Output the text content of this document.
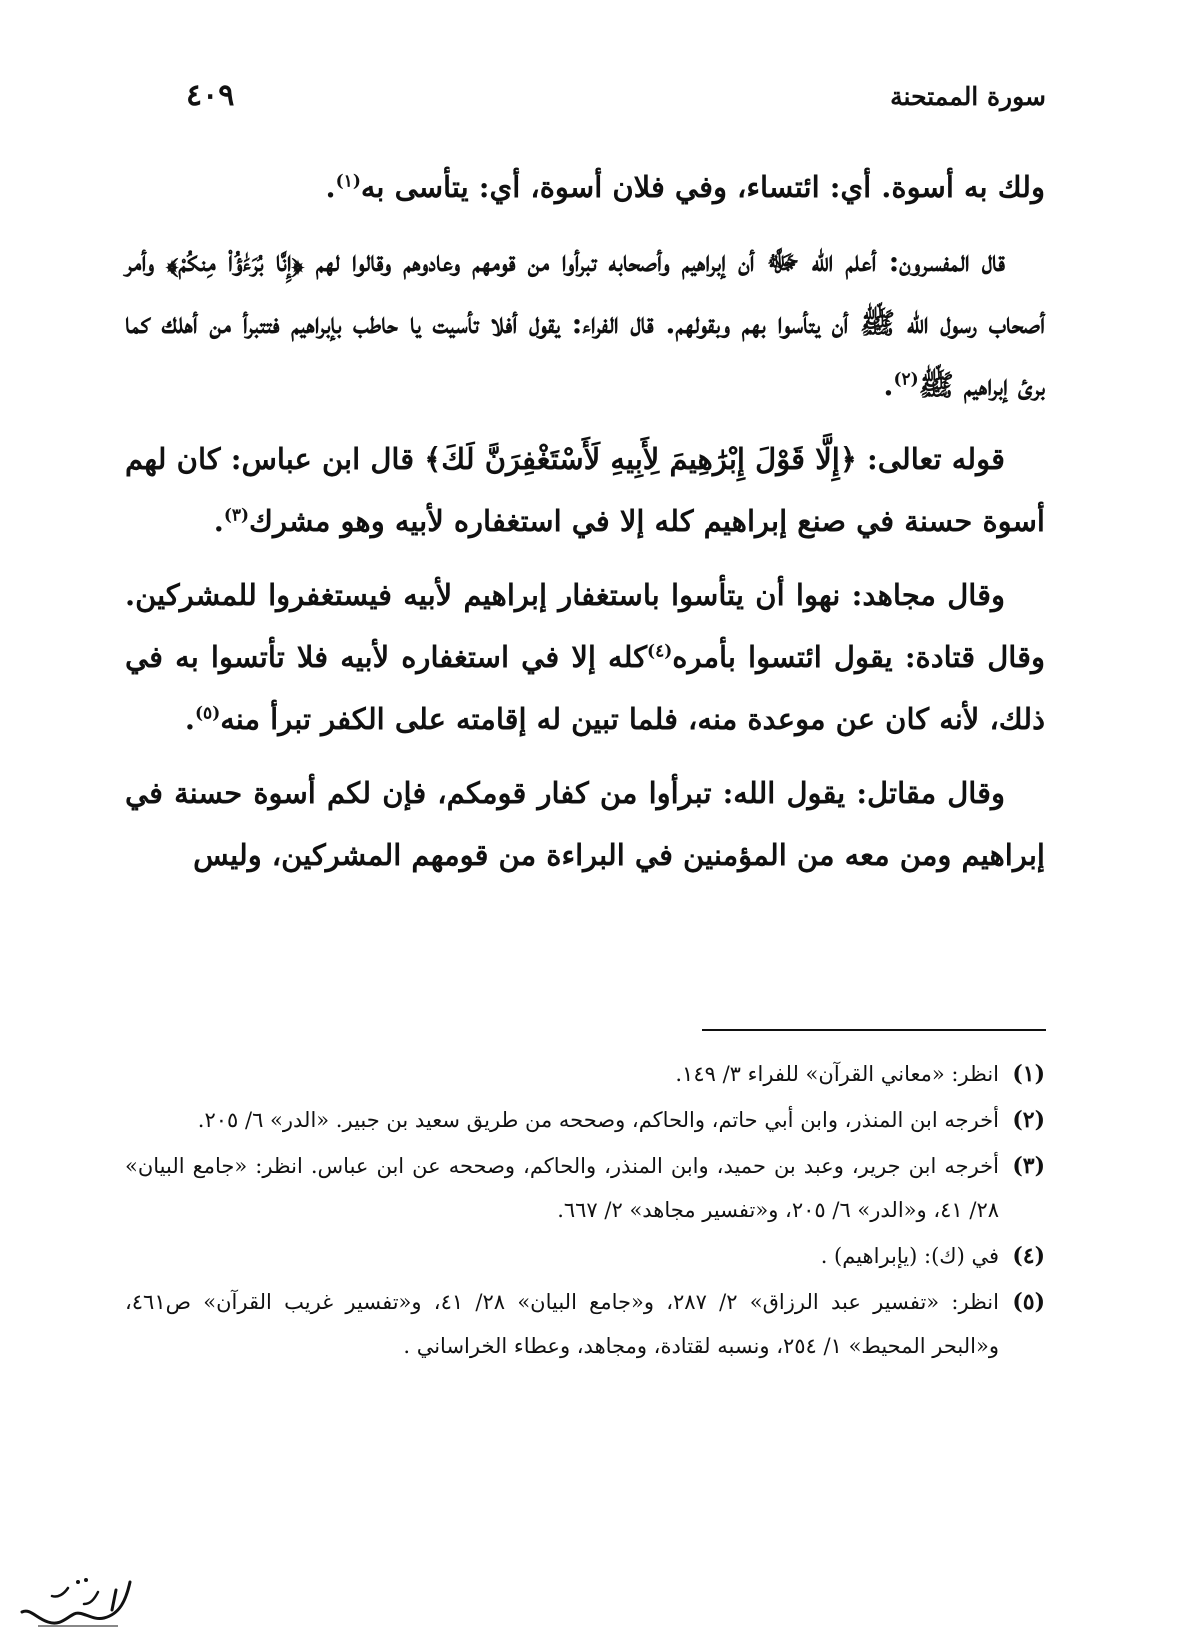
سورة الممتحنة
٤٠٩

ولك به أسوة. أي: ائتساء، وفي فلان أسوة، أي: يتأسى به$^{(١)}$.

قال المفسرون: أعلم الله ﷻ أن إبراهيم وأصحابه تبرأوا من قومهم وعادوهم وقالوا لهم ﴿إِنَّا بُرَءَٰؤُاْ مِنكُمْ﴾ وأمر أصحاب رسول الله ﷺ أن يتأسوا بهم وبقولهم. قال الفراء: يقول أفلا تأسيت يا حاطب بإبراهيم فتتبرأ من أهلك كما برئ إبراهيم ﷺ$^{(٢)}$.

قوله تعالى: ﴿إِلَّا قَوْلَ إِبْرَٰهِيمَ لِأَبِيهِ لَأَسْتَغْفِرَنَّ لَكَ﴾ قال ابن عباس: كان لهم أسوة حسنة في صنع إبراهيم كله إلا في استغفاره لأبيه وهو مشرك$^{(٣)}$.

وقال مجاهد: نهوا أن يتأسوا باستغفار إبراهيم لأبيه فيستغفروا للمشركين. وقال قتادة: يقول ائتسوا بأمره$^{(٤)}$كله إلا في استغفاره لأبيه فلا تأتسوا به في ذلك، لأنه كان عن موعدة منه، فلما تبين له إقامته على الكفر تبرأ منه$^{(٥)}$.

وقال مقاتل: يقول الله: تبرأوا من كفار قومكم، فإن لكم أسوة حسنة في إبراهيم ومن معه من المؤمنين في البراءة من قومهم المشركين، وليس

(١)
انظر: «معاني القرآن» للفراء ٣/ ١٤٩.
(٢)
أخرجه ابن المنذر، وابن أبي حاتم، والحاكم، وصححه من طريق سعيد بن جبير. «الدر» ٦/ ٢٠٥.
(٣)
أخرجه ابن جرير، وعبد بن حميد، وابن المنذر، والحاكم، وصححه عن ابن عباس. انظر: «جامع البيان» ٢٨/ ٤١، و«الدر» ٦/ ٢٠٥، و«تفسير مجاهد» ٢/ ٦٦٧.
(٤)
في (ك): (يإبراهيم) .
(٥)
انظر: «تفسير عبد الرزاق» ٢/ ٢٨٧، و«جامع البيان» ٢٨/ ٤١، و«تفسير غريب القرآن» ص٤٦١، و«البحر المحيط» ١/ ٢٥٤، ونسبه لقتادة، ومجاهد، وعطاء الخراساني .
